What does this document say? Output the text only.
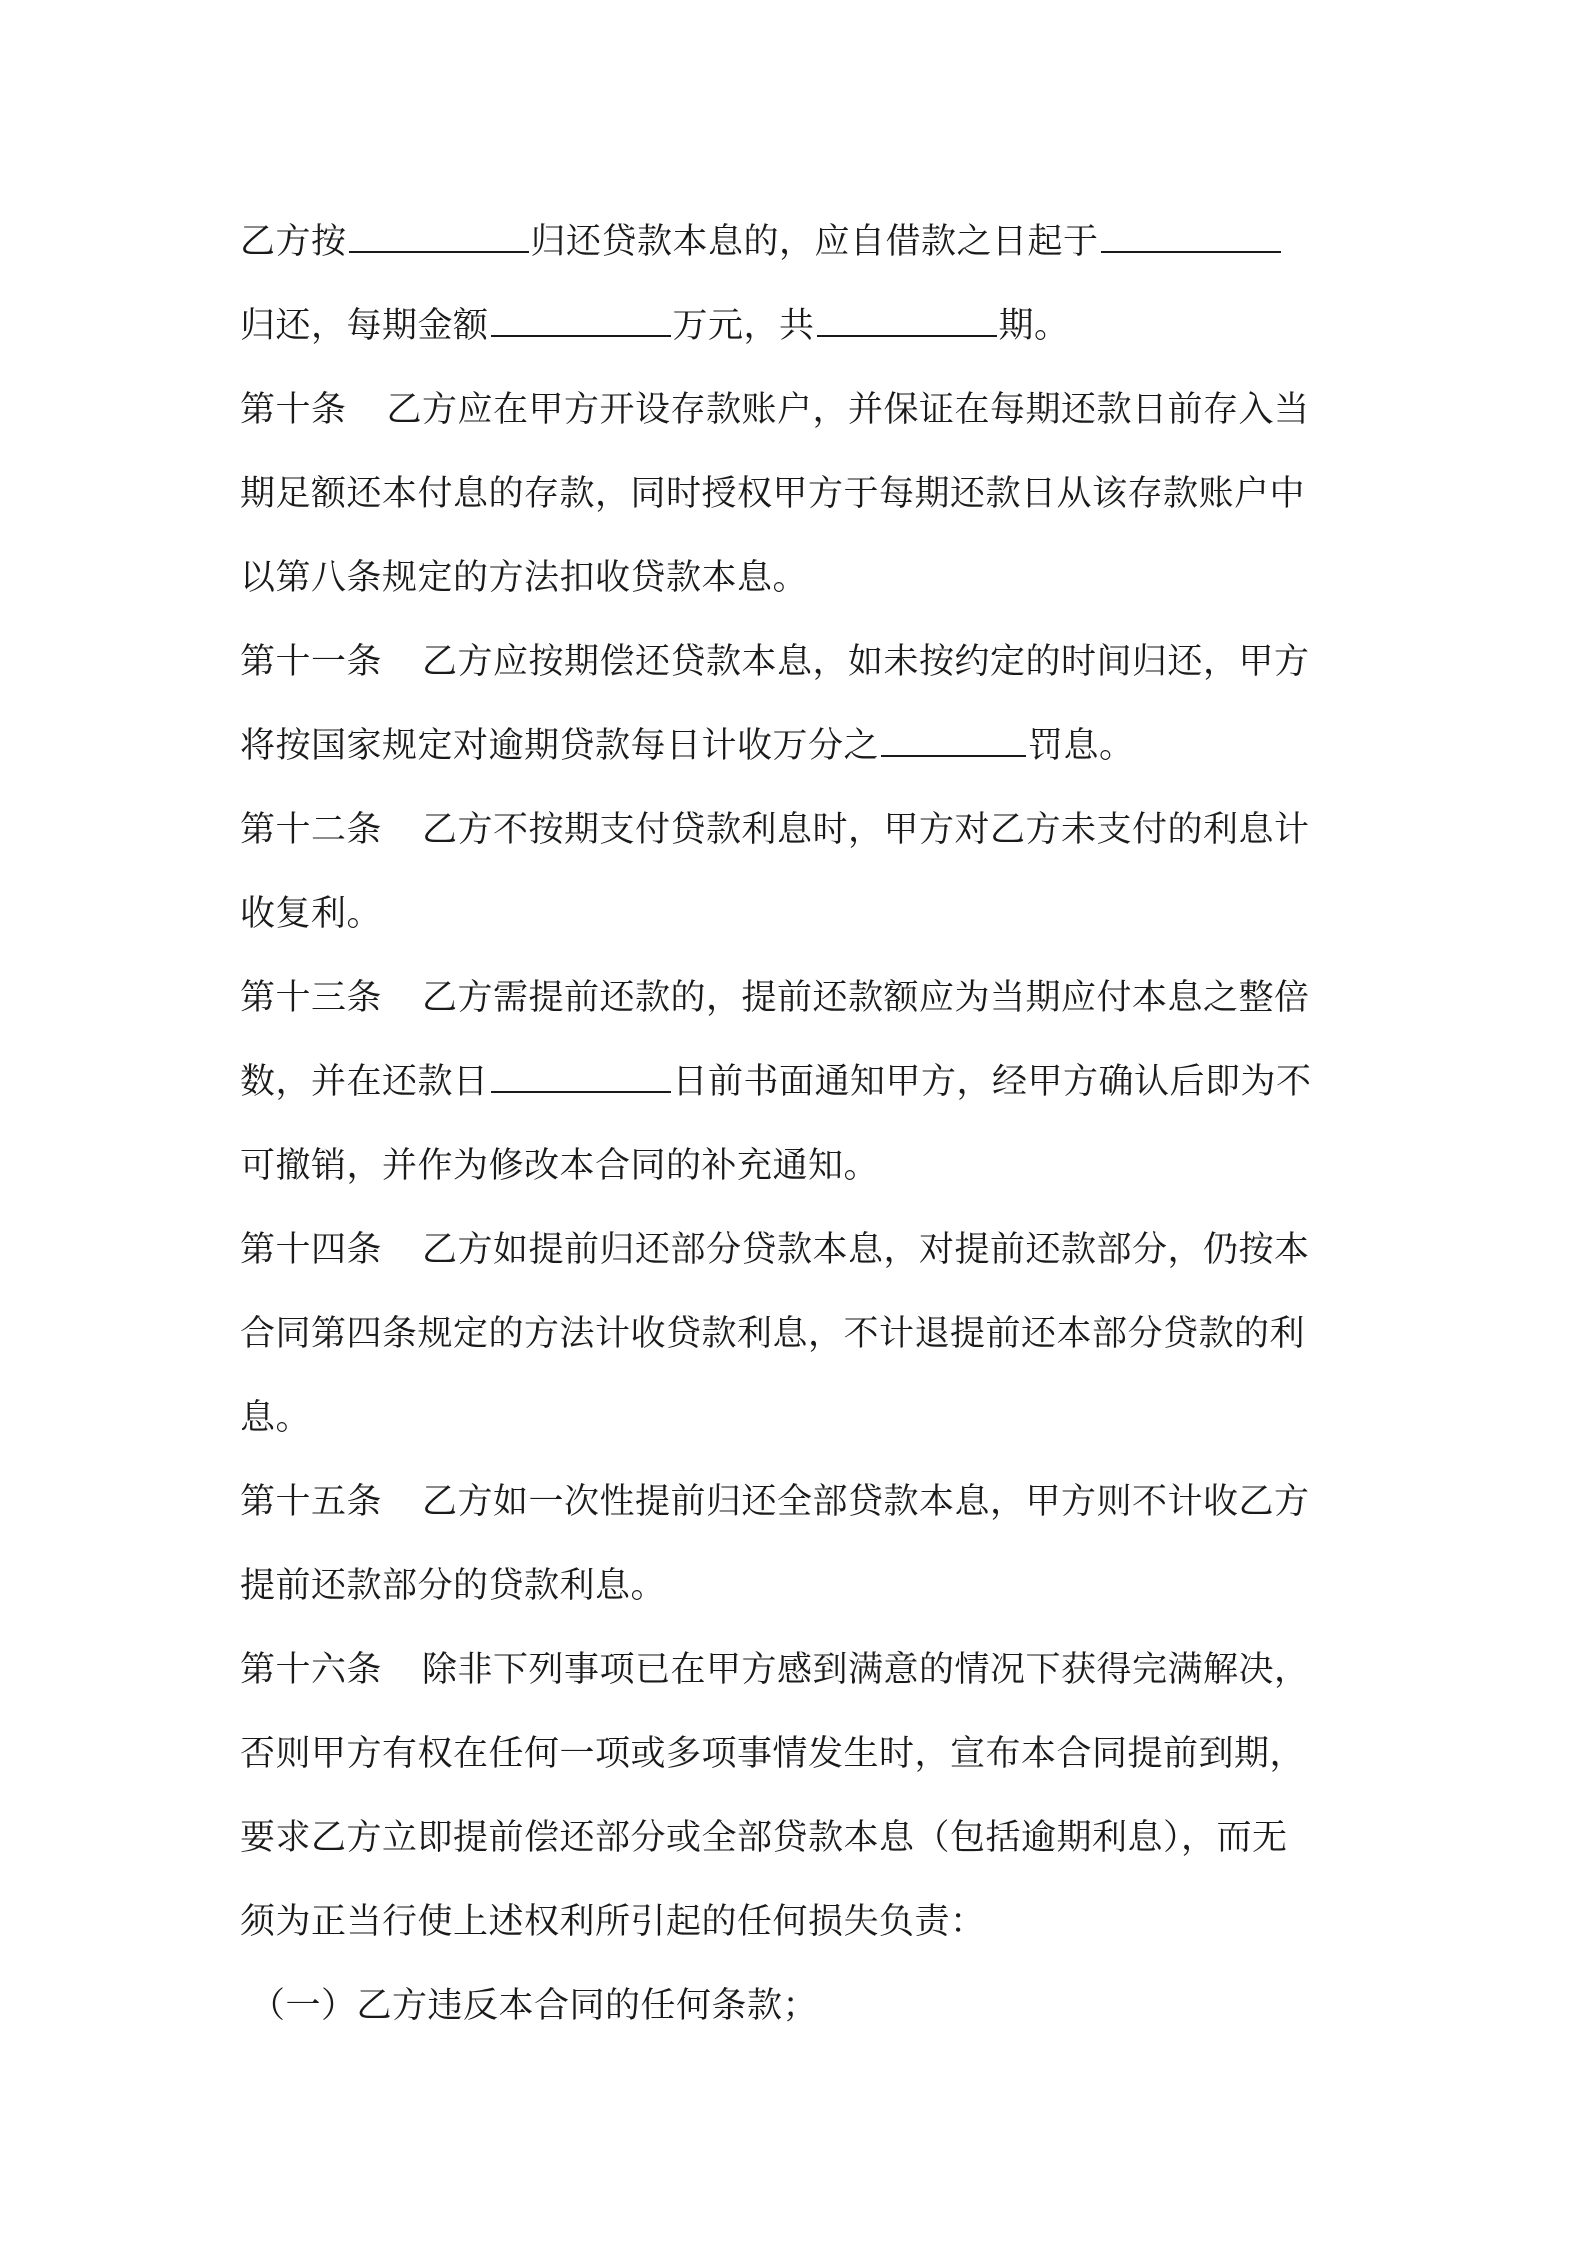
乙方按	归还贷款本息的，应自借款之日起于
归还，每期金额	万元，共	期。
第十条 乙方应在甲方开设存款账户，并保证在每期还款日前存入当
期足额还本付息的存款，同时授权甲方于每期还款日从该存款账户中
以第八条规定的方法扣收贷款本息。
第十一条 乙方应按期偿还贷款本息，如未按约定的时间归还，甲方
将按国家规定对逾期贷款每日计收万分之	罚息。
第十二条 乙方不按期支付贷款利息时，甲方对乙方未支付的利息计
收复利。
第十三条 乙方需提前还款的，提前还款额应为当期应付本息之整倍
数，并在还款日	日前书面通知甲方，经甲方确认后即为不
可撤销，并作为修改本合同的补充通知。
第十四条 乙方如提前归还部分贷款本息，对提前还款部分，仍按本
合同第四条规定的方法计收贷款利息，不计退提前还本部分贷款的利
息。
第十五条 乙方如一次性提前归还全部贷款本息，甲方则不计收乙方
提前还款部分的贷款利息。
第十六条 除非下列事项已在甲方感到满意的情况下获得完满解决，
否则甲方有权在任何一项或多项事情发生时，宣布本合同提前到期，
要求乙方立即提前偿还部分或全部贷款本息（包括逾期利息），而无
须为正当行使上述权利所引起的任何损失负责：
（一）乙方违反本合同的任何条款；
